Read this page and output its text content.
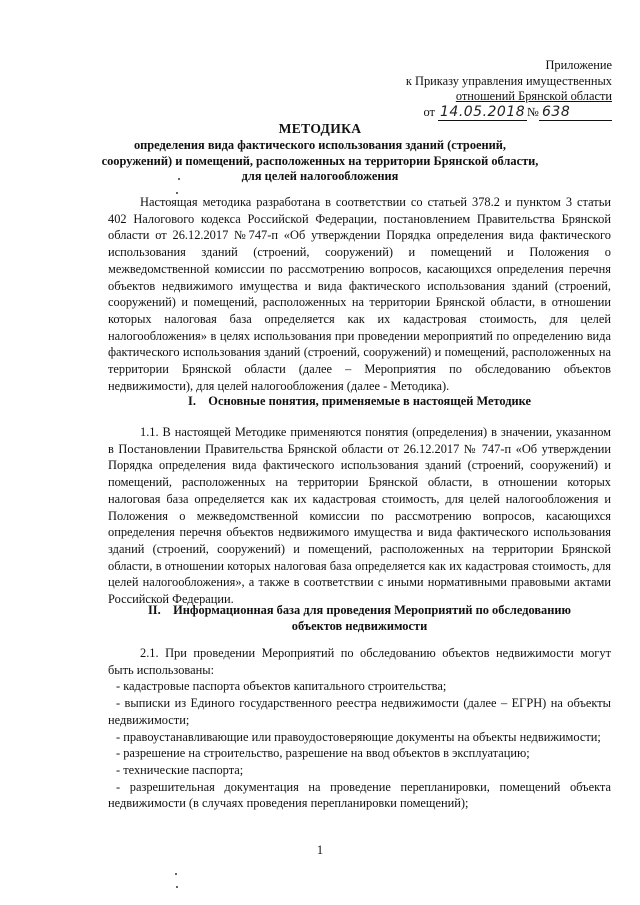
Приложение
к Приказу управления имущественных
отношений Брянской области
от 14.05.2018 № 638
МЕТОДИКА
определения вида фактического использования зданий (строений, сооружений) и помещений, расположенных на территории Брянской области, для целей налогообложения

Настоящая методика разработана в соответствии со статьей 378.2 и пунктом 3 статьи 402 Налогового кодекса Российской Федерации, постановлением Правительства Брянской области от 26.12.2017 №747-п «Об утверждении Порядка определения вида фактического использования зданий (строений, сооружений) и помещений и Положения о межведомственной комиссии по рассмотрению вопросов, касающихся определения перечня объектов недвижимого имущества и вида фактического использования зданий (строений, сооружений) и помещений, расположенных на территории Брянской области, в отношении которых налоговая база определяется как их кадастровая стоимость, для целей налогообложения» в целях использования при проведении мероприятий по определению вида фактического использования зданий (строений, сооружений) и помещений, расположенных на территории Брянской области (далее – Мероприятия по обследованию объектов недвижимости), для целей налогообложения (далее - Методика).

I. Основные понятия, применяемые в настоящей Методике

1.1. В настоящей Методике применяются понятия (определения) в значении, указанном в Постановлении Правительства Брянской области от 26.12.2017 № 747-п «Об утверждении Порядка определения вида фактического использования зданий (строений, сооружений) и помещений, расположенных на территории Брянской области, в отношении которых налоговая база определяется как их кадастровая стоимость, для целей налогообложения и Положения о межведомственной комиссии по рассмотрению вопросов, касающихся определения перечня объектов недвижимого имущества и вида фактического использования зданий (строений, сооружений) и помещений, расположенных на территории Брянской области, в отношении которых налоговая база определяется как их кадастровая стоимость, для целей налогообложения», а также в соответствии с иными нормативными правовыми актами Российской Федерации.

II. Информационная база для проведения Мероприятий по обследованию
объектов недвижимости

2.1. При проведении Мероприятий по обследованию объектов недвижимости могут быть использованы:

- кадастровые паспорта объектов капитального строительства;

- выписки из Единого государственного реестра недвижимости (далее – ЕГРН) на объекты недвижимости;

- правоустанавливающие или правоудостоверяющие документы на объекты недвижимости;

- разрешение на строительство, разрешение на ввод объектов в эксплуатацию;

- технические паспорта;

- разрешительная документация на проведение перепланировки, помещений объекта недвижимости (в случаях проведения перепланировки помещений);

1
